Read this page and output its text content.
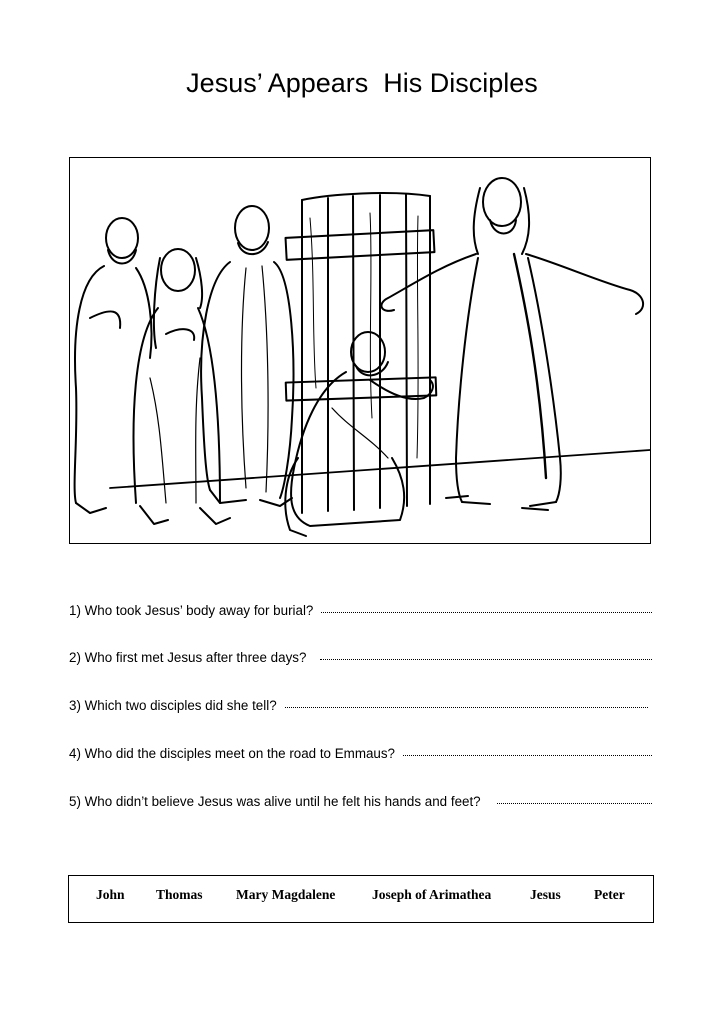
Jesus’ Appears  His Disciples
1) Who took Jesus’ body away for burial?
2) Who first met Jesus after three days?
3) Which two disciples did she tell?
4) Who did the disciples meet on the road to Emmaus?
5) Who didn’t believe Jesus was alive until he felt his hands and feet?
John Thomas Mary Magdalene	Joseph of Arimathea	Jesus Peter
